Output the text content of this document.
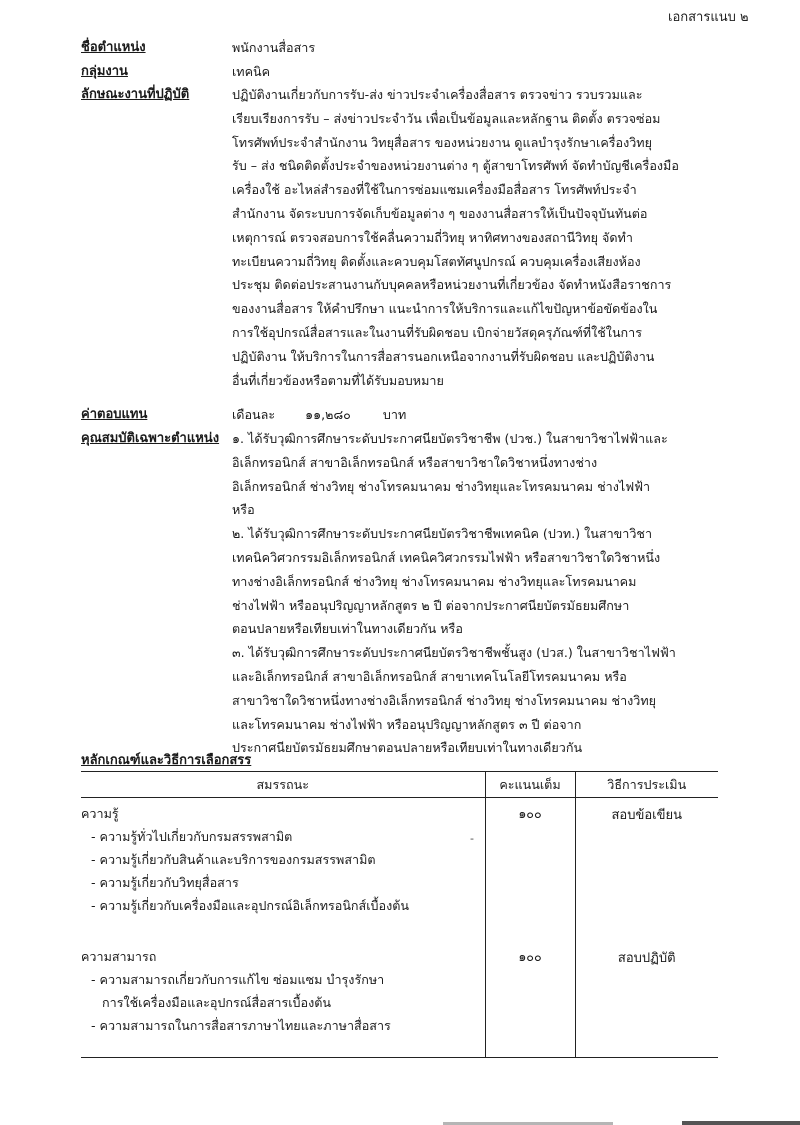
เอกสารแนบ ๒
ชื่อตำแหน่ง	พนักงานสื่อสาร
กลุ่มงาน	เทคนิค
ลักษณะงานที่ปฏิบัติ	ปฏิบัติงานเกี่ยวกับการรับ-ส่ง ข่าวประจำเครื่องสื่อสาร ตรวจข่าว รวบรวมและ
เรียบเรียงการรับ – ส่งข่าวประจำวัน เพื่อเป็นข้อมูลและหลักฐาน ติดตั้ง ตรวจซ่อม
โทรศัพท์ประจำสำนักงาน วิทยุสื่อสาร ของหน่วยงาน ดูแลบำรุงรักษาเครื่องวิทยุ
รับ – ส่ง ชนิดติดตั้งประจำของหน่วยงานต่าง ๆ ตู้สาขาโทรศัพท์ จัดทำบัญชีเครื่องมือ
เครื่องใช้ อะไหล่สำรองที่ใช้ในการซ่อมแซมเครื่องมือสื่อสาร โทรศัพท์ประจำ
สำนักงาน จัดระบบการจัดเก็บข้อมูลต่าง ๆ ของงานสื่อสารให้เป็นปัจจุบันทันต่อ
เหตุการณ์ ตรวจสอบการใช้คลื่นความถี่วิทยุ หาทิศทางของสถานีวิทยุ จัดทำ
ทะเบียนความถี่วิทยุ ติดตั้งและควบคุมโสตทัศนูปกรณ์ ควบคุมเครื่องเสียงห้อง
ประชุม ติดต่อประสานงานกับบุคคลหรือหน่วยงานที่เกี่ยวข้อง จัดทำหนังสือราชการ
ของงานสื่อสาร ให้คำปรึกษา แนะนำการให้บริการและแก้ไขปัญหาข้อขัดข้องใน
การใช้อุปกรณ์สื่อสารและในงานที่รับผิดชอบ เบิกจ่ายวัสดุครุภัณฑ์ที่ใช้ในการ
ปฏิบัติงาน ให้บริการในการสื่อสารนอกเหนือจากงานที่รับผิดชอบ และปฏิบัติงาน
อื่นที่เกี่ยวข้องหรือตามที่ได้รับมอบหมาย
ค่าตอบแทน	เดือนละ ๑๑,๒๘๐	บาท
คุณสมบัติเฉพาะตำแหน่ง ๑. ได้รับวุฒิการศึกษาระดับประกาศนียบัตรวิชาชีพ (ปวช.) ในสาขาวิชาไฟฟ้าและ
อิเล็กทรอนิกส์ สาขาอิเล็กทรอนิกส์ หรือสาขาวิชาใดวิชาหนึ่งทางช่าง
อิเล็กทรอนิกส์ ช่างวิทยุ ช่างโทรคมนาคม ช่างวิทยุและโทรคมนาคม ช่างไฟฟ้า
หรือ
๒. ได้รับวุฒิการศึกษาระดับประกาศนียบัตรวิชาชีพเทคนิค (ปวท.) ในสาขาวิชา
เทคนิควิศวกรรมอิเล็กทรอนิกส์ เทคนิควิศวกรรมไฟฟ้า หรือสาขาวิชาใดวิชาหนึ่ง
ทางช่างอิเล็กทรอนิกส์ ช่างวิทยุ ช่างโทรคมนาคม ช่างวิทยุและโทรคมนาคม
ช่างไฟฟ้า หรืออนุปริญญาหลักสูตร ๒ ปี ต่อจากประกาศนียบัตรมัธยมศึกษา
ตอนปลายหรือเทียบเท่าในทางเดียวกัน หรือ
๓. ได้รับวุฒิการศึกษาระดับประกาศนียบัตรวิชาชีพชั้นสูง (ปวส.) ในสาขาวิชาไฟฟ้า
และอิเล็กทรอนิกส์ สาขาอิเล็กทรอนิกส์ สาขาเทคโนโลยีโทรคมนาคม หรือ
สาขาวิชาใดวิชาหนึ่งทางช่างอิเล็กทรอนิกส์ ช่างวิทยุ ช่างโทรคมนาคม ช่างวิทยุ
และโทรคมนาคม ช่างไฟฟ้า หรืออนุปริญญาหลักสูตร ๓ ปี ต่อจาก
ประกาศนียบัตรมัธยมศึกษาตอนปลายหรือเทียบเท่าในทางเดียวกัน
หลักเกณฑ์และวิธีการเลือกสรร
สมรรถนะ	คะแนนเต็ม	วิธีการประเมิน

ความรู้
- ความรู้ทั่วไปเกี่ยวกับกรมสรรพสามิต
- ความรู้เกี่ยวกับสินค้าและบริการของกรมสรรพสามิต
- ความรู้เกี่ยวกับวิทยุสื่อสาร
- ความรู้เกี่ยวกับเครื่องมือและอุปกรณ์อิเล็กทรอนิกส์เบื้องต้น	๑๐๐	สอบข้อเขียน

ความสามารถ
- ความสามารถเกี่ยวกับการแก้ไข ซ่อมแซม บำรุงรักษา
การใช้เครื่องมือและอุปกรณ์สื่อสารเบื้องต้น
- ความสามารถในการสื่อสารภาษาไทยและภาษาสื่อสาร	๑๐๐	สอบปฏิบัติ
-
